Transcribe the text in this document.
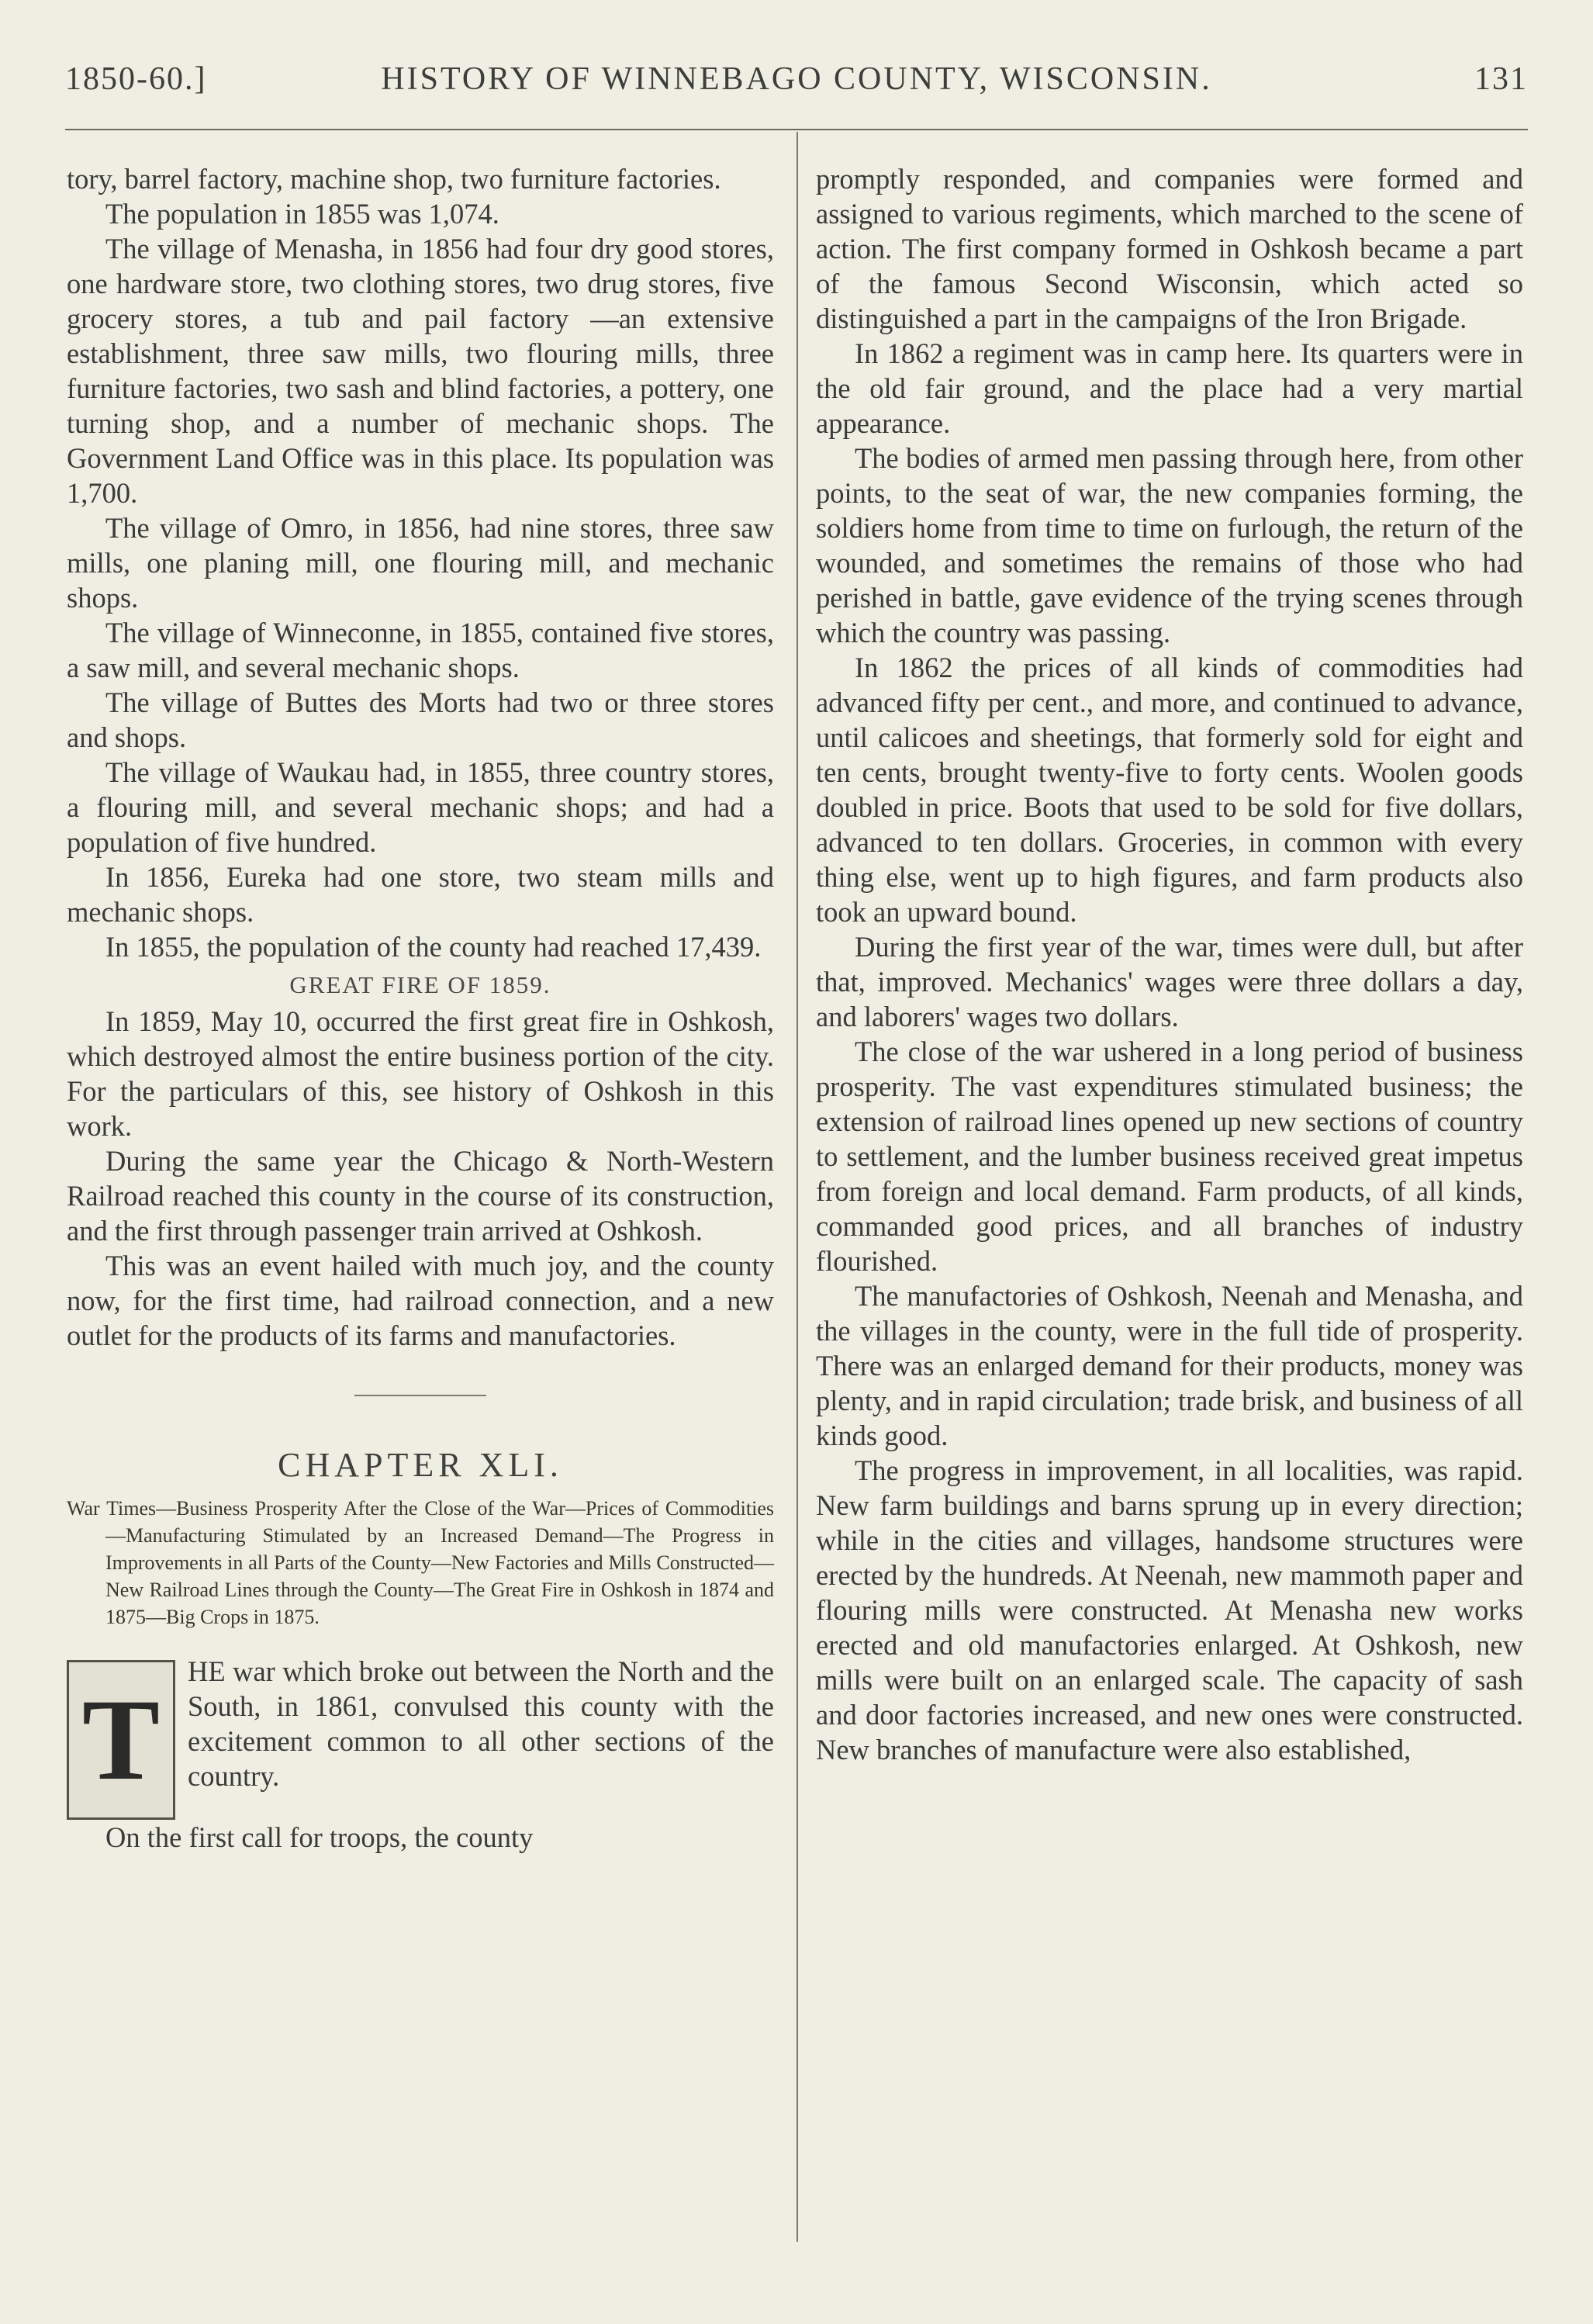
1850-60.]	HISTORY OF WINNEBAGO COUNTY, WISCONSIN.	131

tory, barrel factory, machine shop, two furniture factories.

The population in 1855 was 1,074.

The village of Menasha, in 1856 had four dry good stores, one hardware store, two clothing stores, two drug stores, five grocery stores, a tub and pail factory —an extensive establishment, three saw mills, two flouring mills, three furniture factories, two sash and blind factories, a pottery, one turning shop, and a number of mechanic shops. The Government Land Office was in this place. Its population was 1,700.

The village of Omro, in 1856, had nine stores, three saw mills, one planing mill, one flouring mill, and mechanic shops.

The village of Winneconne, in 1855, contained five stores, a saw mill, and several mechanic shops.

The village of Buttes des Morts had two or three stores and shops.

The village of Waukau had, in 1855, three country stores, a flouring mill, and several mechanic shops; and had a population of five hundred.

In 1856, Eureka had one store, two steam mills and mechanic shops.

In 1855, the population of the county had reached 17,439.

GREAT FIRE OF 1859.

In 1859, May 10, occurred the first great fire in Oshkosh, which destroyed almost the entire business portion of the city. For the particulars of this, see history of Oshkosh in this work.

During the same year the Chicago & North-Western Railroad reached this county in the course of its construction, and the first through passenger train arrived at Oshkosh.

This was an event hailed with much joy, and the county now, for the first time, had railroad connection, and a new outlet for the products of its farms and manufactories.

CHAPTER XLI.
War Times—Business Prosperity After the Close of the War—Prices of Commodities—Manufacturing Stimulated by an Increased Demand—The Progress in Improvements in all Parts of the County—New Factories and Mills Constructed—New Railroad Lines through the County—The Great Fire in Oshkosh in 1874 and 1875—Big Crops in 1875.
T
HE war which broke out between the North and the South, in 1861, convulsed this county with the excitement common to all other sections of the country.

On the first call for troops, the county

promptly responded, and companies were formed and assigned to various regiments, which marched to the scene of action. The first company formed in Oshkosh became a part of the famous Second Wisconsin, which acted so distinguished a part in the campaigns of the Iron Brigade.

In 1862 a regiment was in camp here. Its quarters were in the old fair ground, and the place had a very martial appearance.

The bodies of armed men passing through here, from other points, to the seat of war, the new companies forming, the soldiers home from time to time on furlough, the return of the wounded, and sometimes the remains of those who had perished in battle, gave evidence of the trying scenes through which the country was passing.

In 1862 the prices of all kinds of commodities had advanced fifty per cent., and more, and continued to advance, until calicoes and sheetings, that formerly sold for eight and ten cents, brought twenty-five to forty cents. Woolen goods doubled in price. Boots that used to be sold for five dollars, advanced to ten dollars. Groceries, in common with every thing else, went up to high figures, and farm products also took an upward bound.

During the first year of the war, times were dull, but after that, improved. Mechanics' wages were three dollars a day, and laborers' wages two dollars.

The close of the war ushered in a long period of business prosperity. The vast expenditures stimulated business; the extension of railroad lines opened up new sections of country to settlement, and the lumber business received great impetus from foreign and local demand. Farm products, of all kinds, commanded good prices, and all branches of industry flourished.

The manufactories of Oshkosh, Neenah and Menasha, and the villages in the county, were in the full tide of prosperity. There was an enlarged demand for their products, money was plenty, and in rapid circulation; trade brisk, and business of all kinds good.

The progress in improvement, in all localities, was rapid. New farm buildings and barns sprung up in every direction; while in the cities and villages, handsome structures were erected by the hundreds. At Neenah, new mammoth paper and flouring mills were constructed. At Menasha new works erected and old manufactories enlarged. At Oshkosh, new mills were built on an enlarged scale. The capacity of sash and door factories increased, and new ones were constructed. New branches of manufacture were also established,
